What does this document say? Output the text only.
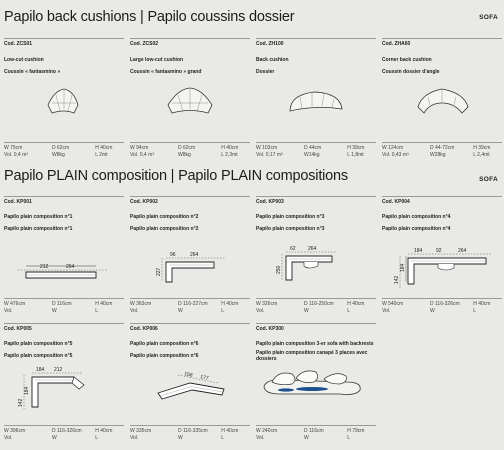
Papilo back cushions | Papilo coussins dossier	SOFA
Cod. ZCS01
Low-cut cushion
Coussin « fantasmino »
W 75cm	D 62cm	H 40cm
Vol. 0,4 m³	W8kg	L 2mt
Cod. ZCS02
Large low-cut cushion
Coussin « fantasmino » grand
W 94cm	D 62cm	H 40cm
Vol. 0,4 m³	W8kg	L 2,3mt
Cod. ZH100
Back cushion
Dossier
W 103cm	D 44cm	H 39cm
Vol. 0,17 m³	W14kg	L 1,8mt
Cod. ZHA60
Corner back cushion
Coussin dossier d'angle
W 124cm	D 44-72cm	H 39cm
Vol. 0,43 m³	W28kg	L 2,4mt
Papilo PLAIN composition | Papilo PLAIN compositions	SOFA
Cod. KP001
Papilo plain composition n°1
Papilo plain composition n°1
212	264
W 476cm	D 116cm	H 40cm
Vol.	W	L
Cod. KP002
Papilo plain composition n°2
Papilo plain composition n°2
96	264
227
W 363cm	D 116-227cm	H 40cm
Vol.	W	L
Cod. KP003
Papilo plain composition n°3
Papilo plain composition n°3
62 264
250
W 326cm	D 116-250cm	H 40cm
Vol.	W	L
Cod. KP004
Papilo plain composition n°4
Papilo plain composition n°4
184	92	264
142
184
W 540cm	D 116-326cm	H 40cm
Vol.	W	L
Cod. KP005
Papilo plain composition n°5
Papilo plain composition n°5
184 212
142
184
W 396cm	D 116-326cm	H 40cm
Vol.	W	L
Cod. KP006
Papilo plain composition n°6
Papilo plain composition n°6
158 177
W 335cm	D 116-335cm	H 40cm
Vol.	W	L
Cod. KP300
Papilo plain composition 3-er sofa with backrests
Papilo plain composition canapé 3 places avec dossiers
W 240cm	D 116cm	H 79cm
Vol.	W	L
